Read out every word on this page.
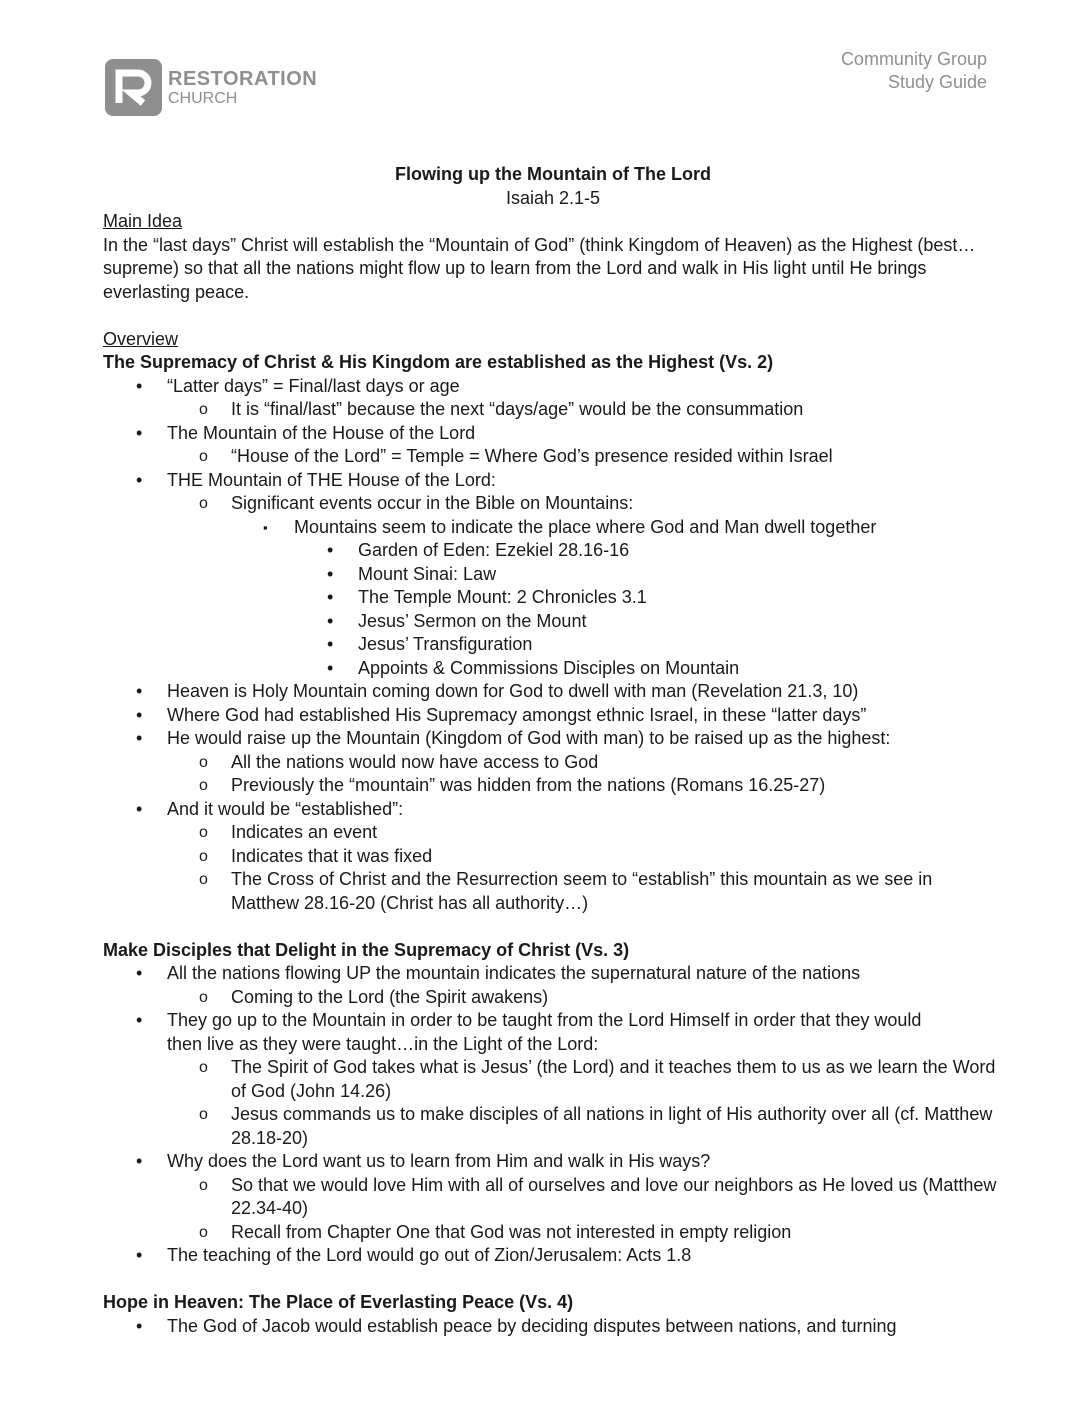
RESTORATION
CHURCH
Community Group
Study Guide

Flowing up the Mountain of The Lord

Isaiah 2.1-5

Main Idea

In the “last days” Christ will establish the “Mountain of God” (think Kingdom of Heaven) as the Highest (best…supreme) so that all the nations might flow up to learn from the Lord and walk in His light until He brings everlasting peace.

Overview

The Supremacy of Christ & His Kingdom are established as the Highest (Vs. 2)

• “Latter days” = Final/last days or age
o It is “final/last” because the next “days/age” would be the consummation
• The Mountain of the House of the Lord
o “House of the Lord” = Temple = Where God’s presence resided within Israel
• THE Mountain of THE House of the Lord:
o Significant events occur in the Bible on Mountains:
▪ Mountains seem to indicate the place where God and Man dwell together
• Garden of Eden: Ezekiel 28.16-16
• Mount Sinai: Law
• The Temple Mount: 2 Chronicles 3.1
• Jesus’ Sermon on the Mount
• Jesus’ Transfiguration
• Appoints & Commissions Disciples on Mountain
• Heaven is Holy Mountain coming down for God to dwell with man (Revelation 21.3, 10)
• Where God had established His Supremacy amongst ethnic Israel, in these “latter days”
• He would raise up the Mountain (Kingdom of God with man) to be raised up as the highest:
o All the nations would now have access to God
o Previously the “mountain” was hidden from the nations (Romans 16.25-27)
• And it would be “established”:
o Indicates an event
o Indicates that it was fixed
o The Cross of Christ and the Resurrection seem to “establish” this mountain as we see in Matthew 28.16-20 (Christ has all authority…)

Make Disciples that Delight in the Supremacy of Christ (Vs. 3)

• All the nations flowing UP the mountain indicates the supernatural nature of the nations
o Coming to the Lord (the Spirit awakens)
• They go up to the Mountain in order to be taught from the Lord Himself in order that they would then live as they were taught…in the Light of the Lord:
o The Spirit of God takes what is Jesus’ (the Lord) and it teaches them to us as we learn the Word of God (John 14.26)
o Jesus commands us to make disciples of all nations in light of His authority over all (cf. Matthew 28.18-20)
• Why does the Lord want us to learn from Him and walk in His ways?
o So that we would love Him with all of ourselves and love our neighbors as He loved us (Matthew 22.34-40)
o Recall from Chapter One that God was not interested in empty religion
• The teaching of the Lord would go out of Zion/Jerusalem: Acts 1.8

Hope in Heaven: The Place of Everlasting Peace (Vs. 4)

• The God of Jacob would establish peace by deciding disputes between nations, and turning
